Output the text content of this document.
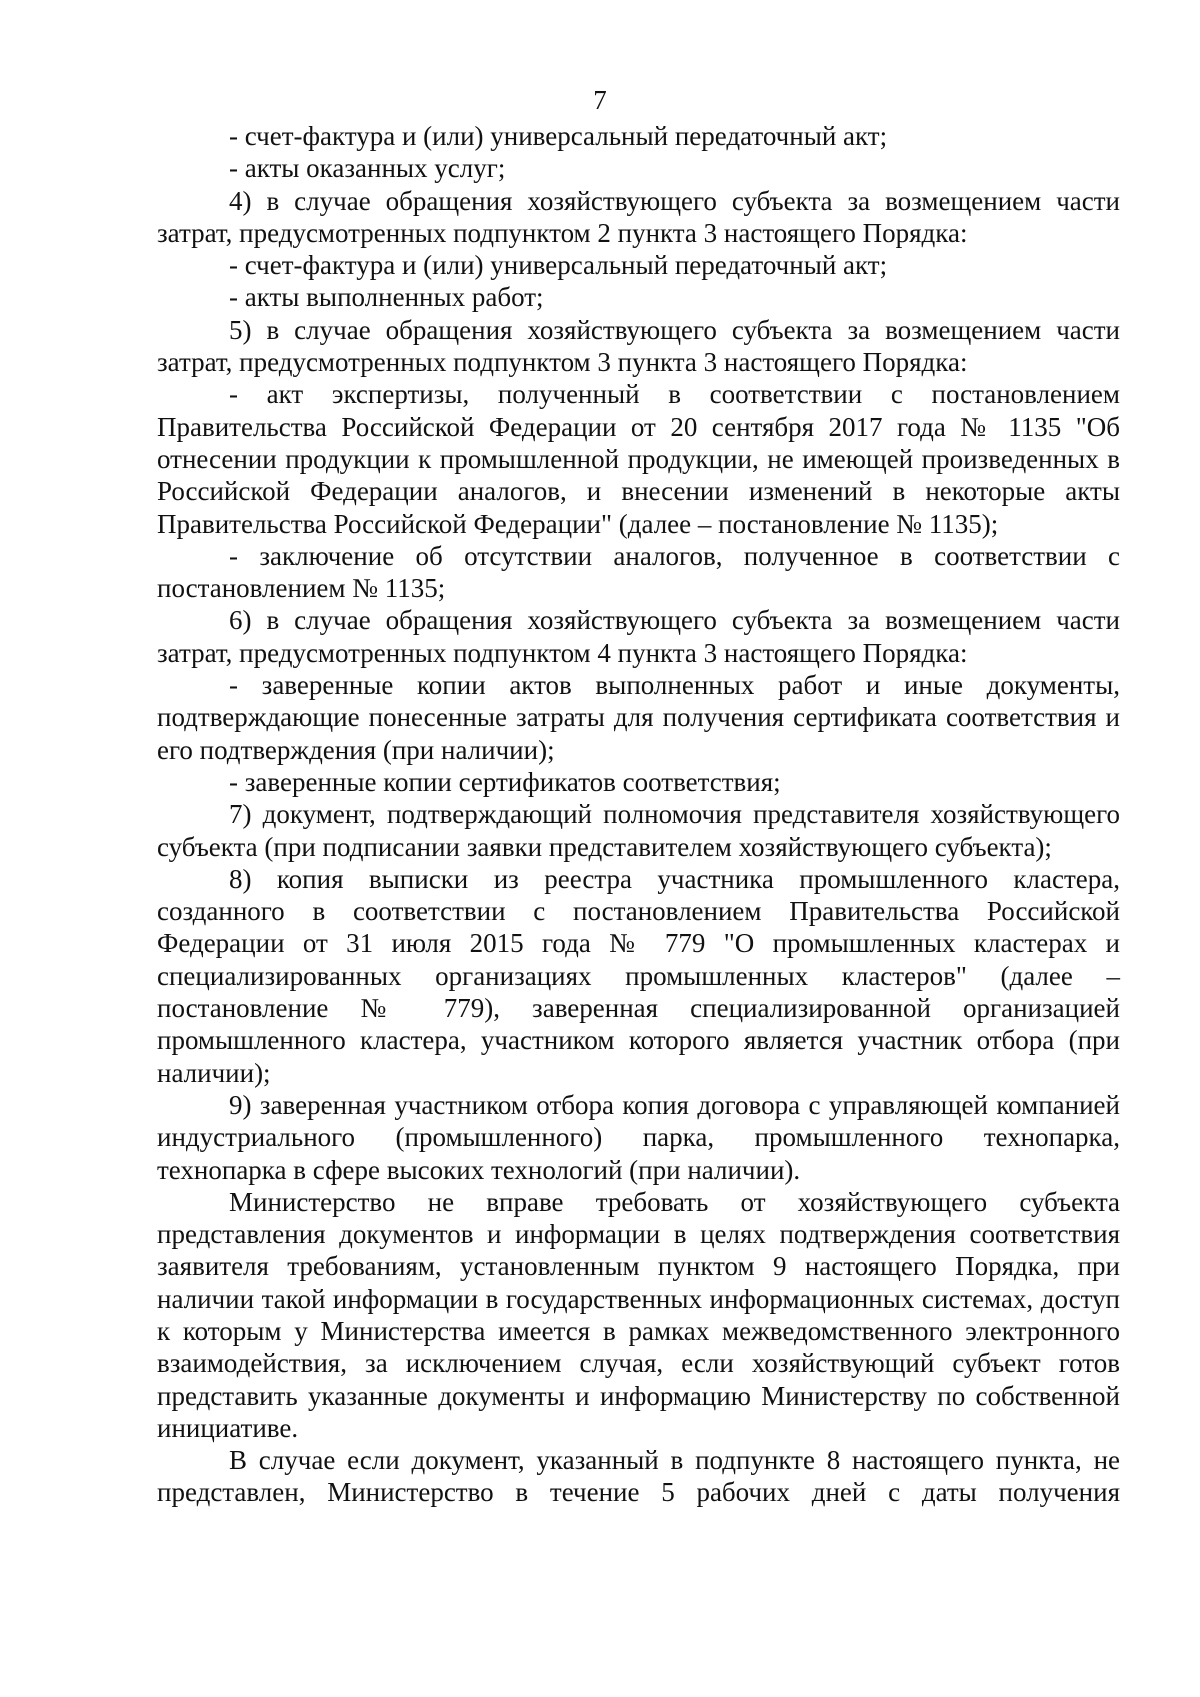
7

- счет-фактура и (или) универсальный передаточный акт;

- акты оказанных услуг;

4) в случае обращения хозяйствующего субъекта за возмещением части затрат, предусмотренных подпунктом 2 пункта 3 настоящего Порядка:

- счет-фактура и (или) универсальный передаточный акт;

- акты выполненных работ;

5) в случае обращения хозяйствующего субъекта за возмещением части затрат, предусмотренных подпунктом 3 пункта 3 настоящего Порядка:

- акт экспертизы, полученный в соответствии с постановлением Правительства Российской Федерации от 20 сентября 2017 года № 1135 "Об отнесении продукции к промышленной продукции, не имеющей произведенных в Российской Федерации аналогов, и внесении изменений в некоторые акты Правительства Российской Федерации" (далее – постановление № 1135);

- заключение об отсутствии аналогов, полученное в соответствии с постановлением № 1135;

6) в случае обращения хозяйствующего субъекта за возмещением части затрат, предусмотренных подпунктом 4 пункта 3 настоящего Порядка:

- заверенные копии актов выполненных работ и иные документы, подтверждающие понесенные затраты для получения сертификата соответствия и его подтверждения (при наличии);

- заверенные копии сертификатов соответствия;

7) документ, подтверждающий полномочия представителя хозяйствующего субъекта (при подписании заявки представителем хозяйствующего субъекта);

8) копия выписки из реестра участника промышленного кластера, созданного в соответствии с постановлением Правительства Российской Федерации от 31 июля 2015 года № 779 "О промышленных кластерах и специализированных организациях промышленных кластеров" (далее – постановление № 779), заверенная специализированной организацией промышленного кластера, участником которого является участник отбора (при наличии);

9) заверенная участником отбора копия договора с управляющей компанией индустриального (промышленного) парка, промышленного технопарка, технопарка в сфере высоких технологий (при наличии).

Министерство не вправе требовать от хозяйствующего субъекта представления документов и информации в целях подтверждения соответствия заявителя требованиям, установленным пунктом 9 настоящего Порядка, при наличии такой информации в государственных информационных системах, доступ к которым у Министерства имеется в рамках межведомственного электронного взаимодействия, за исключением случая, если хозяйствующий субъект готов представить указанные документы и информацию Министерству по собственной инициативе.

В случае если документ, указанный в подпункте 8 настоящего пункта, не представлен, Министерство в течение 5 рабочих дней с даты получения
